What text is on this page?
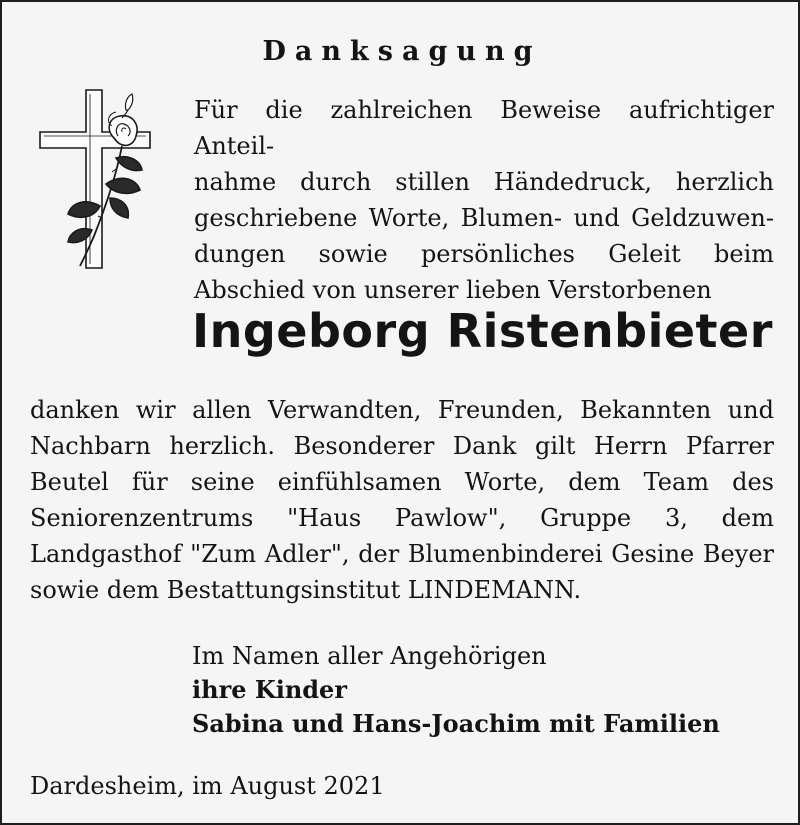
Danksagung
Für die zahlreichen Beweise aufrichtiger Anteil-
nahme durch stillen Händedruck, herzlich
geschriebene Worte, Blumen- und Geldzuwen-
dungen sowie persönliches Geleit beim
Abschied von unserer lieben Verstorbenen
Ingeborg Ristenbieter
danken wir allen Verwandten, Freunden, Bekannten und
Nachbarn herzlich. Besonderer Dank gilt Herrn Pfarrer
Beutel für seine einfühlsamen Worte, dem Team des
Seniorenzentrums "Haus Pawlow", Gruppe 3, dem
Landgasthof "Zum Adler", der Blumenbinderei Gesine Beyer
sowie dem Bestattungsinstitut LINDEMANN.
Im Namen aller Angehörigen
ihre Kinder
Sabina und Hans-Joachim mit Familien
Dardesheim, im August 2021
